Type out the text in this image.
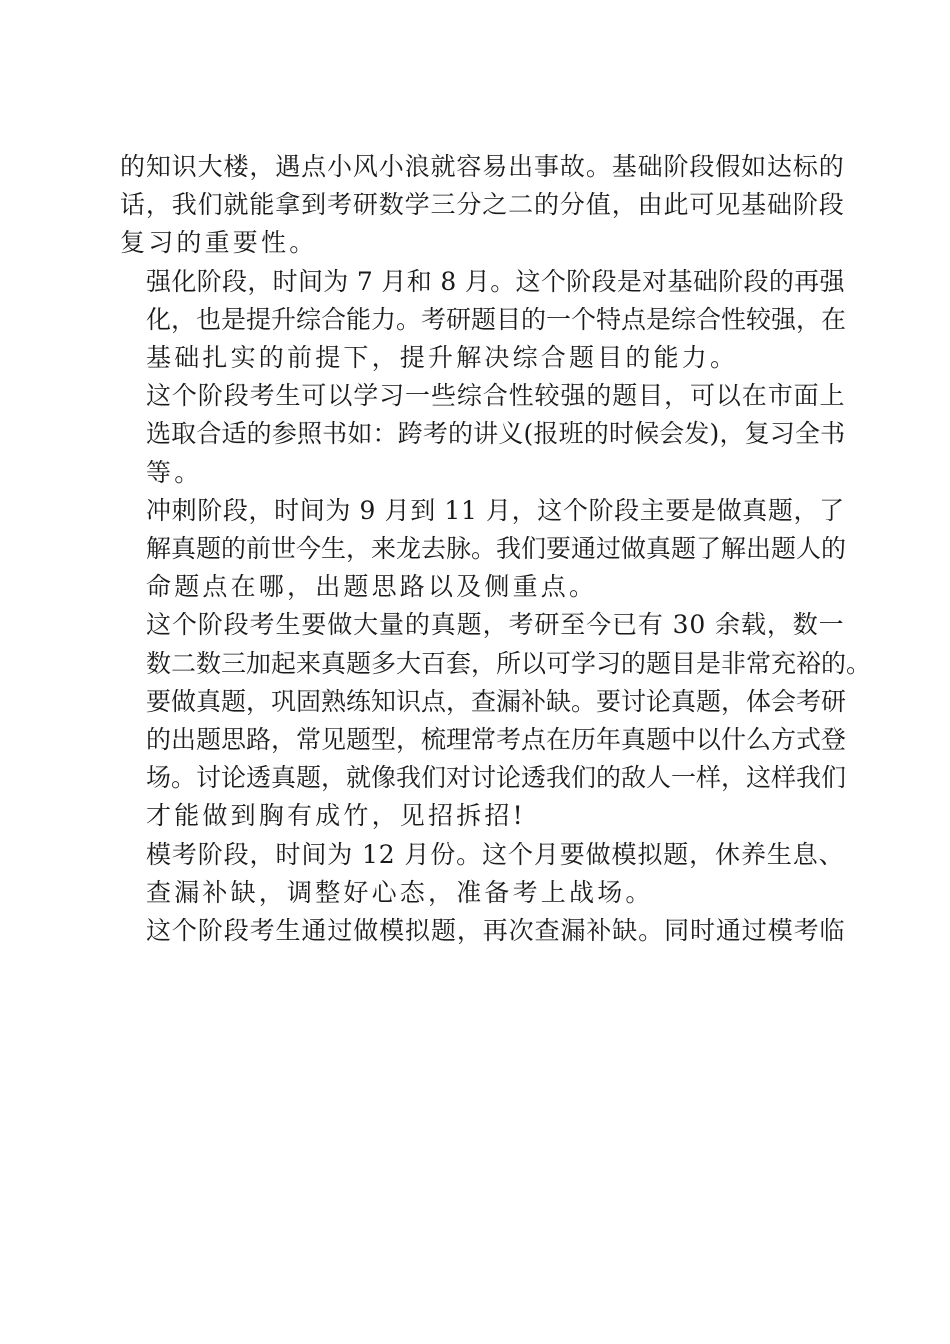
的知识大楼，遇点小风小浪就容易出事故。基础阶段假如达标的
话，我们就能拿到考研数学三分之二的分值，由此可见基础阶段
复习的重要性。

强化阶段，时间为 7 月和 8 月。这个阶段是对基础阶段的再强
化，也是提升综合能力。考研题目的一个特点是综合性较强，在
基础扎实的前提下，提升解决综合题目的能力。

这个阶段考生可以学习一些综合性较强的题目，可以在市面上
选取合适的参照书如：跨考的讲义(报班的时候会发)，复习全书
等。

冲刺阶段，时间为 9 月到 11 月，这个阶段主要是做真题，了
解真题的前世今生，来龙去脉。我们要通过做真题了解出题人的
命题点在哪，出题思路以及侧重点。

这个阶段考生要做大量的真题，考研至今已有 30 余载，数一
数二数三加起来真题多大百套，所以可学习的题目是非常充裕的。
要做真题，巩固熟练知识点，查漏补缺。要讨论真题，体会考研
的出题思路，常见题型，梳理常考点在历年真题中以什么方式登
场。讨论透真题，就像我们对讨论透我们的敌人一样，这样我们
才能做到胸有成竹，见招拆招!

模考阶段，时间为 12 月份。这个月要做模拟题，休养生息、
查漏补缺，调整好心态，准备考上战场。

这个阶段考生通过做模拟题，再次查漏补缺。同时通过模考临
